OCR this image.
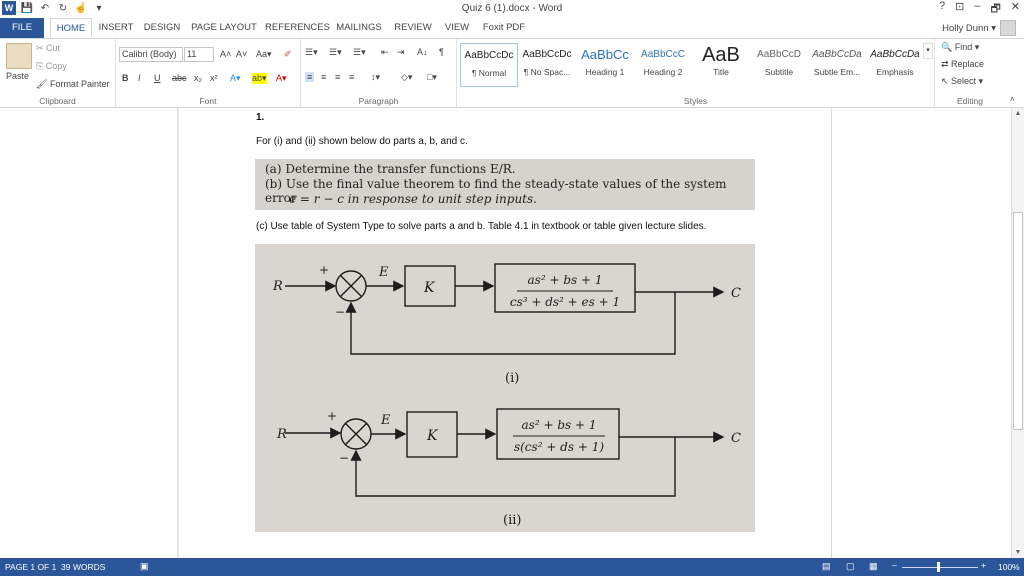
W 💾 ↶ ↻ ☝ ▾	Quiz 6 (1).docx - Word	? ⊡ – 🗗 ✕
FILE	HOME	INSERT DESIGN	PAGE LAYOUT REFERENCES MAILINGS	REVIEW	VIEW	Foxit PDF	Holly Dunn ▾
Paste
✂ Cut
⎘ Copy
🖌 Format Painter
Clipboard
Calibri (Body)	11	A˄ A˅ Aa▾ ✐
B I U abc x₂ x² A▾ ab▾ A▾
Font
☰▾ ☰▾ ☰▾ ⇤ ⇥ A↓ ¶
≡ ≡ ≡ ≡ ↕▾ ◇▾ □▾
Paragraph
AaBbCcDc
¶ Normal
AaBbCcDc
¶ No Spac...
AaBbCc
Heading 1
AaBbCcC
Heading 2
AaB
Title
AaBbCcD
Subtitle
AaBbCcDa
Subtle Em...
AaBbCcDa
Emphasis
▾
Styles
🔍 Find ▾
⇄ Replace
↖ Select ▾
Editing	˄
1.
For (i) and (ii) shown below do parts a, b, and c.
(a) Determine the transfer functions E/R.
(b) Use the final value theorem to find the steady-state values of the system error
e = r − c in response to unit step inputs.
(c) Use table of System Type to solve parts a and b. Table 4.1 in textbook or table given lecture slides.
R
+
−
E
K	as² + bs + 1
cs³ + ds² + es + 1
C
(i)
R
+
−
E
K
as² + bs + 1
s(cs² + ds + 1)
C
(ii)
▲
▼
PAGE 1 OF 1 39 WORDS	▣	▤ ▢ ▦ –	+ 100%
